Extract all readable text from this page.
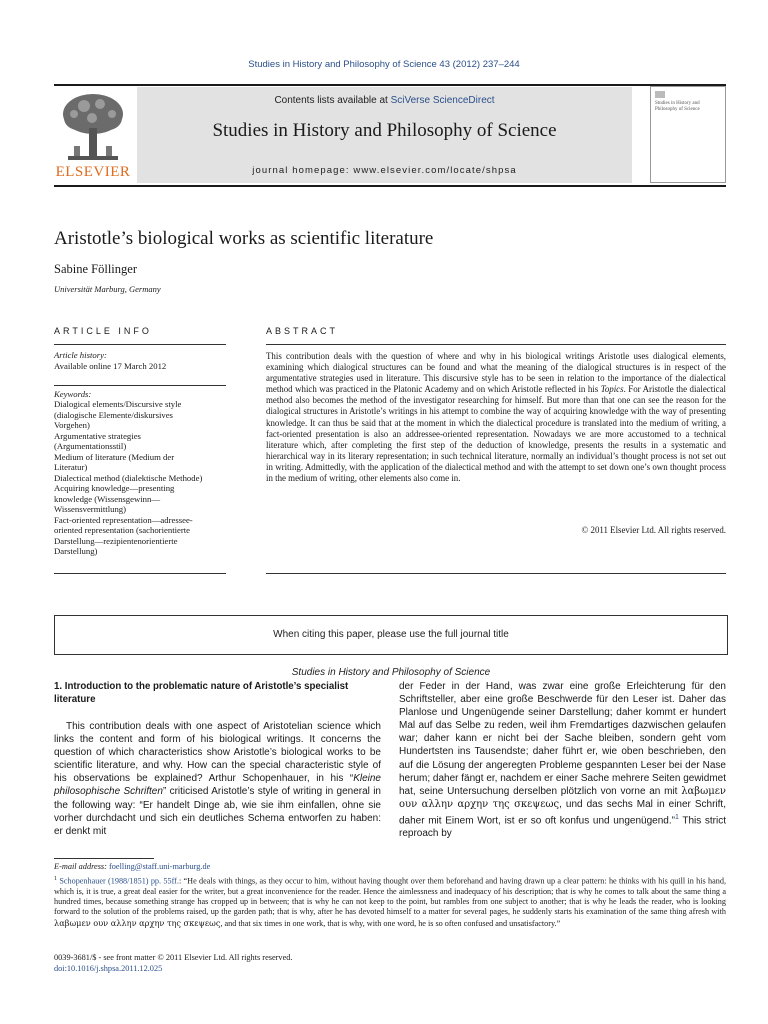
Studies in History and Philosophy of Science 43 (2012) 237–244
ELSEVIER
Contents lists available at SciVerse ScienceDirect
Studies in History and Philosophy of Science
journal homepage: www.elsevier.com/locate/shpsa
Studies in History and Philosophy of Science
Aristotle’s biological works as scientific literature
Sabine Föllinger
Universität Marburg, Germany
ARTICLE INFO	ABSTRACT
Article history:
Available online 17 March 2012
Keywords:
Dialogical elements/Discursive style
(dialogische Elemente/diskursives
Vorgehen)
Argumentative strategies
(Argumentationsstil)
Medium of literature (Medium der
Literatur)
Dialectical method (dialektische Methode)
Acquiring knowledge—presenting
knowledge (Wissensgewinn—
Wissensvermittlung)
Fact-oriented representation—adressee-
oriented representation (sachorientierte
Darstellung—rezipientenorientierte
Darstellung)
This contribution deals with the question of where and why in his biological writings Aristotle uses dialogical elements, examining which dialogical structures can be found and what the meaning of the dialogical structures is in respect of the argumentative strategies used in literature. This discursive style has to be seen in relation to the importance of the dialectical method which was practiced in the Platonic Academy and on which Aristotle reflected in his Topics. For Aristotle the dialectical method also becomes the method of the investigator researching for himself. But more than that one can see the reason for the dialogical structures in Aristotle’s writings in his attempt to combine the way of acquiring knowledge with the way of presenting knowledge. It can thus be said that at the moment in which the dialectical procedure is translated into the medium of writing, a fact-oriented presentation is also an addressee-oriented representation. Nowadays we are more accustomed to a technical literature which, after completing the first step of the deduction of knowledge, presents the results in a systematic and hierarchical way in its literary representation; in such technical literature, normally an individual’s thought process is not set out in writing. Admittedly, with the application of the dialectical method and with the attempt to set down one’s own thought process in the medium of writing, other elements also come in.
© 2011 Elsevier Ltd. All rights reserved.
When citing this paper, please use the full journal title
Studies in History and Philosophy of Science
1. Introduction to the problematic nature of Aristotle’s specialist literature
This contribution deals with one aspect of Aristotelian science which links the content and form of his biological writings. It concerns the question of which characteristics show Aristotle’s biological works to be scientific literature, and why. How can the special characteristic style of his observations be explained? Arthur Schopenhauer, in his “Kleine philosophische Schriften” criticised Aristotle’s style of writing in general in the following way: “Er handelt Dinge ab, wie sie ihm einfallen, ohne sie vorher durchdacht und sich ein deutliches Schema entworfen zu haben: er denkt mit
der Feder in der Hand, was zwar eine große Erleichterung für den Schriftsteller, aber eine große Beschwerde für den Leser ist. Daher das Planlose und Ungenügende seiner Darstellung; daher kommt er hundert Mal auf das Selbe zu reden, weil ihm Fremdartiges dazwischen gelaufen war; daher kann er nicht bei der Sache bleiben, sondern geht vom Hundertsten ins Tausendste; daher führt er, wie oben beschrieben, den auf die Lösung der angeregten Probleme gespannten Leser bei der Nase herum; daher fängt er, nachdem er einer Sache mehrere Seiten gewidmet hat, seine Untersuchung derselben plötzlich von vorne an mit λαβωμεν ουν αλλην αρχην της σκεψεως, und das sechs Mal in einer Schrift, daher mit Einem Wort, ist er so oft konfus und ungenügend.”$^1$ This strict reproach by
E-mail address: foelling@staff.uni-marburg.de
$^1$ Schopenhauer (1988/1851) pp. 55ff.: “He deals with things, as they occur to him, without having thought over them beforehand and having drawn up a clear pattern: he thinks with his quill in his hand, which is, it is true, a great deal easier for the writer, but a great inconvenience for the reader. Hence the aimlessness and inadequacy of his description; that is why he comes to talk about the same thing a hundred times, because something strange has cropped up in between; that is why he can not keep to the point, but rambles from one subject to another; that is why he leads the reader, who is looking forward to the solution of the problems raised, up the garden path; that is why, after he has devoted himself to a matter for several pages, he suddenly starts his examination of the same thing afresh with λαβωμεν ουν αλλην αρχην της σκεψεως, and that six times in one work, that is why, with one word, he is so often confused and unsatisfactory.”
0039-3681/$ - see front matter © 2011 Elsevier Ltd. All rights reserved.
doi:10.1016/j.shpsa.2011.12.025
